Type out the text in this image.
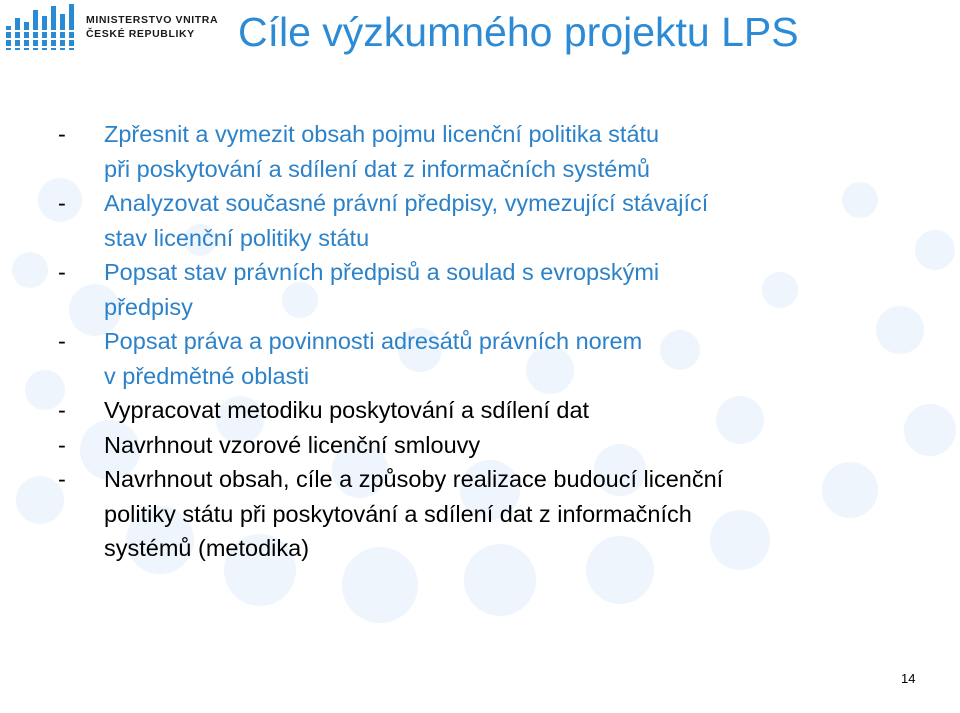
MINISTERSTVO VNITRA
ČESKÉ REPUBLIKY	Cíle výzkumného projektu LPS
-	Zpřesnit a vymezit obsah pojmu licenční politika státu
při poskytování a sdílení dat z informačních systémů
-	Analyzovat současné právní předpisy, vymezující stávající
stav licenční politiky státu
-	Popsat stav právních předpisů a soulad s evropskými
předpisy
-	Popsat práva a povinnosti adresátů právních norem
v předmětné oblasti
-	Vypracovat metodiku poskytování a sdílení dat
-	Navrhnout vzorové licenční smlouvy
-	Navrhnout obsah, cíle a způsoby realizace budoucí licenční
politiky státu při poskytování a sdílení dat z informačních
systémů (metodika)
14
